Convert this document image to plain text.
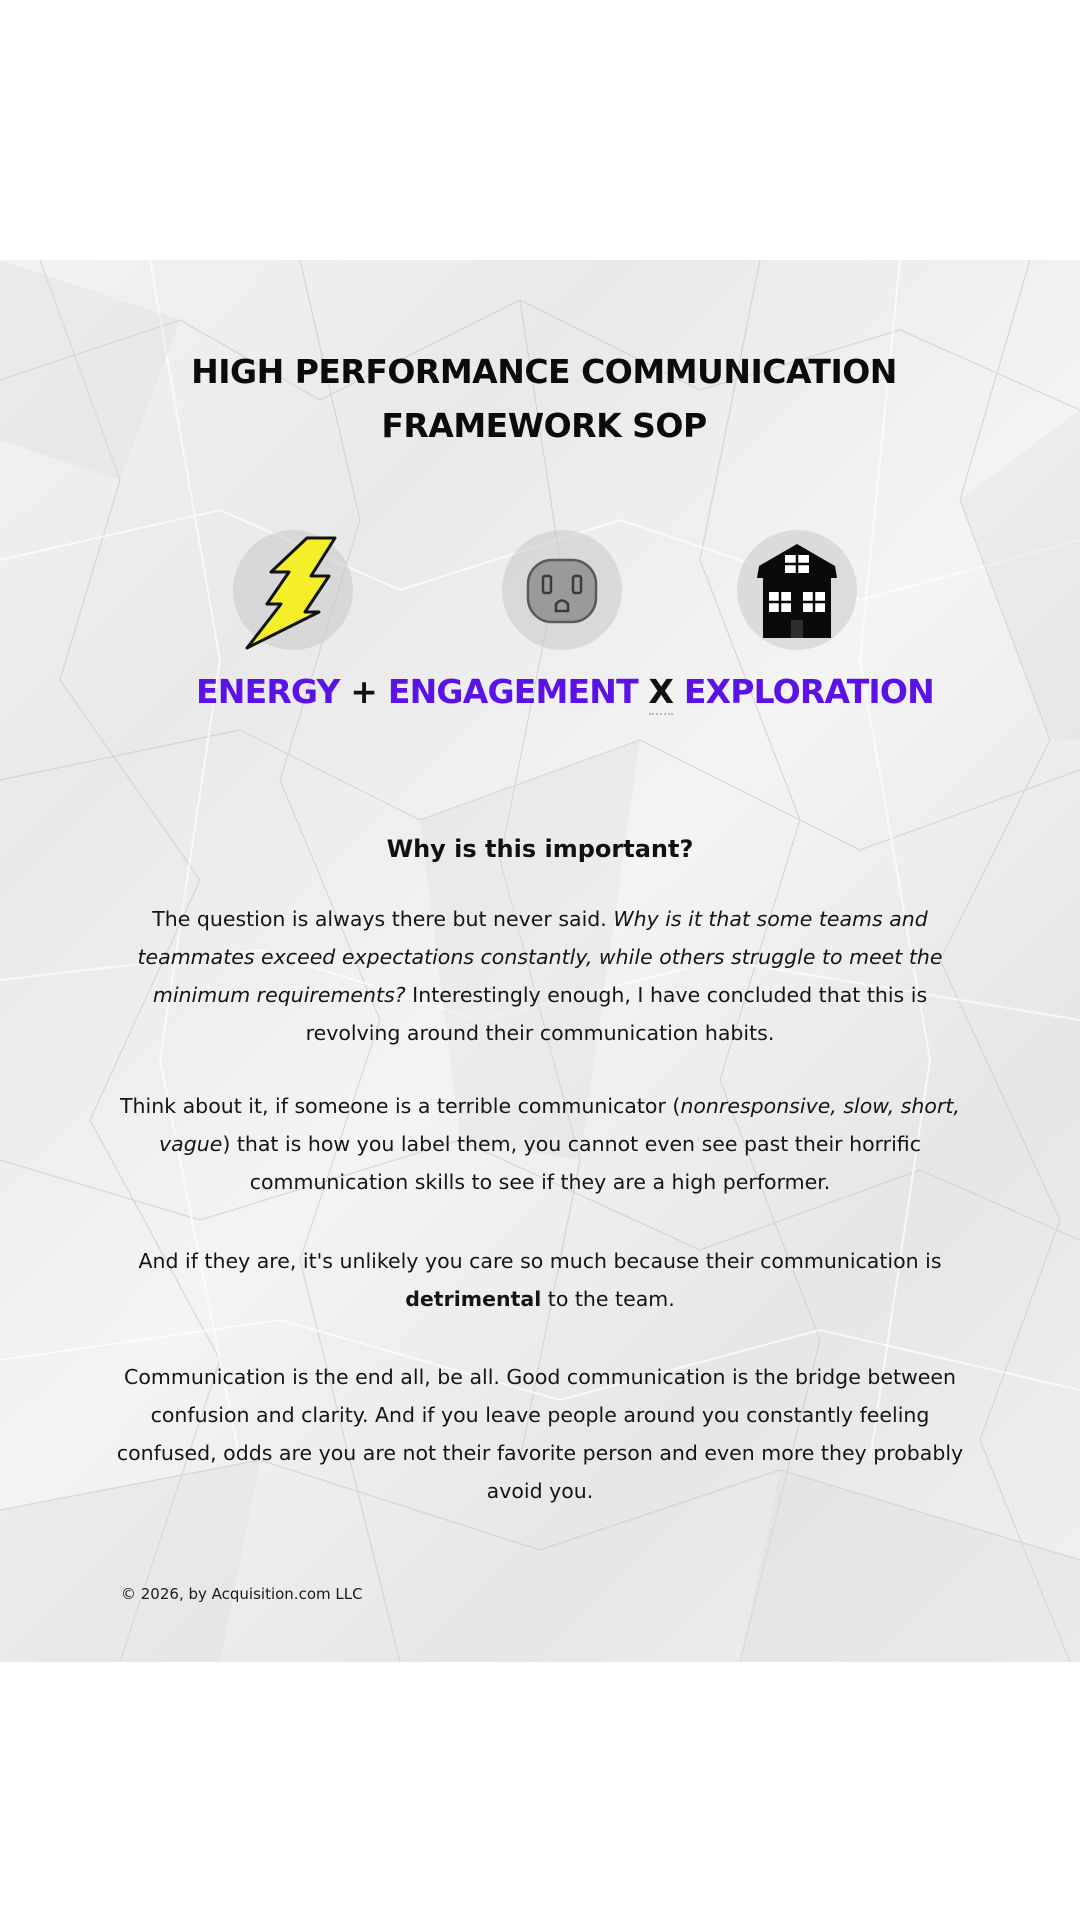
HIGH PERFORMANCE COMMUNICATION
FRAMEWORK SOP
ENERGY + ENGAGEMENT X EXPLORATION
Why is this important?
The question is always there but never said. Why is it that some teams and teammates exceed expectations constantly, while others struggle to meet the minimum requirements? Interestingly enough, I have concluded that this is revolving around their communication habits.
Think about it, if someone is a terrible communicator (nonresponsive, slow, short, vague) that is how you label them, you cannot even see past their horrific communication skills to see if they are a high performer.
And if they are, it's unlikely you care so much because their communication is detrimental to the team.
Communication is the end all, be all. Good communication is the bridge between confusion and clarity. And if you leave people around you constantly feeling confused, odds are you are not their favorite person and even more they probably avoid you.
© 2026, by Acquisition.com LLC
